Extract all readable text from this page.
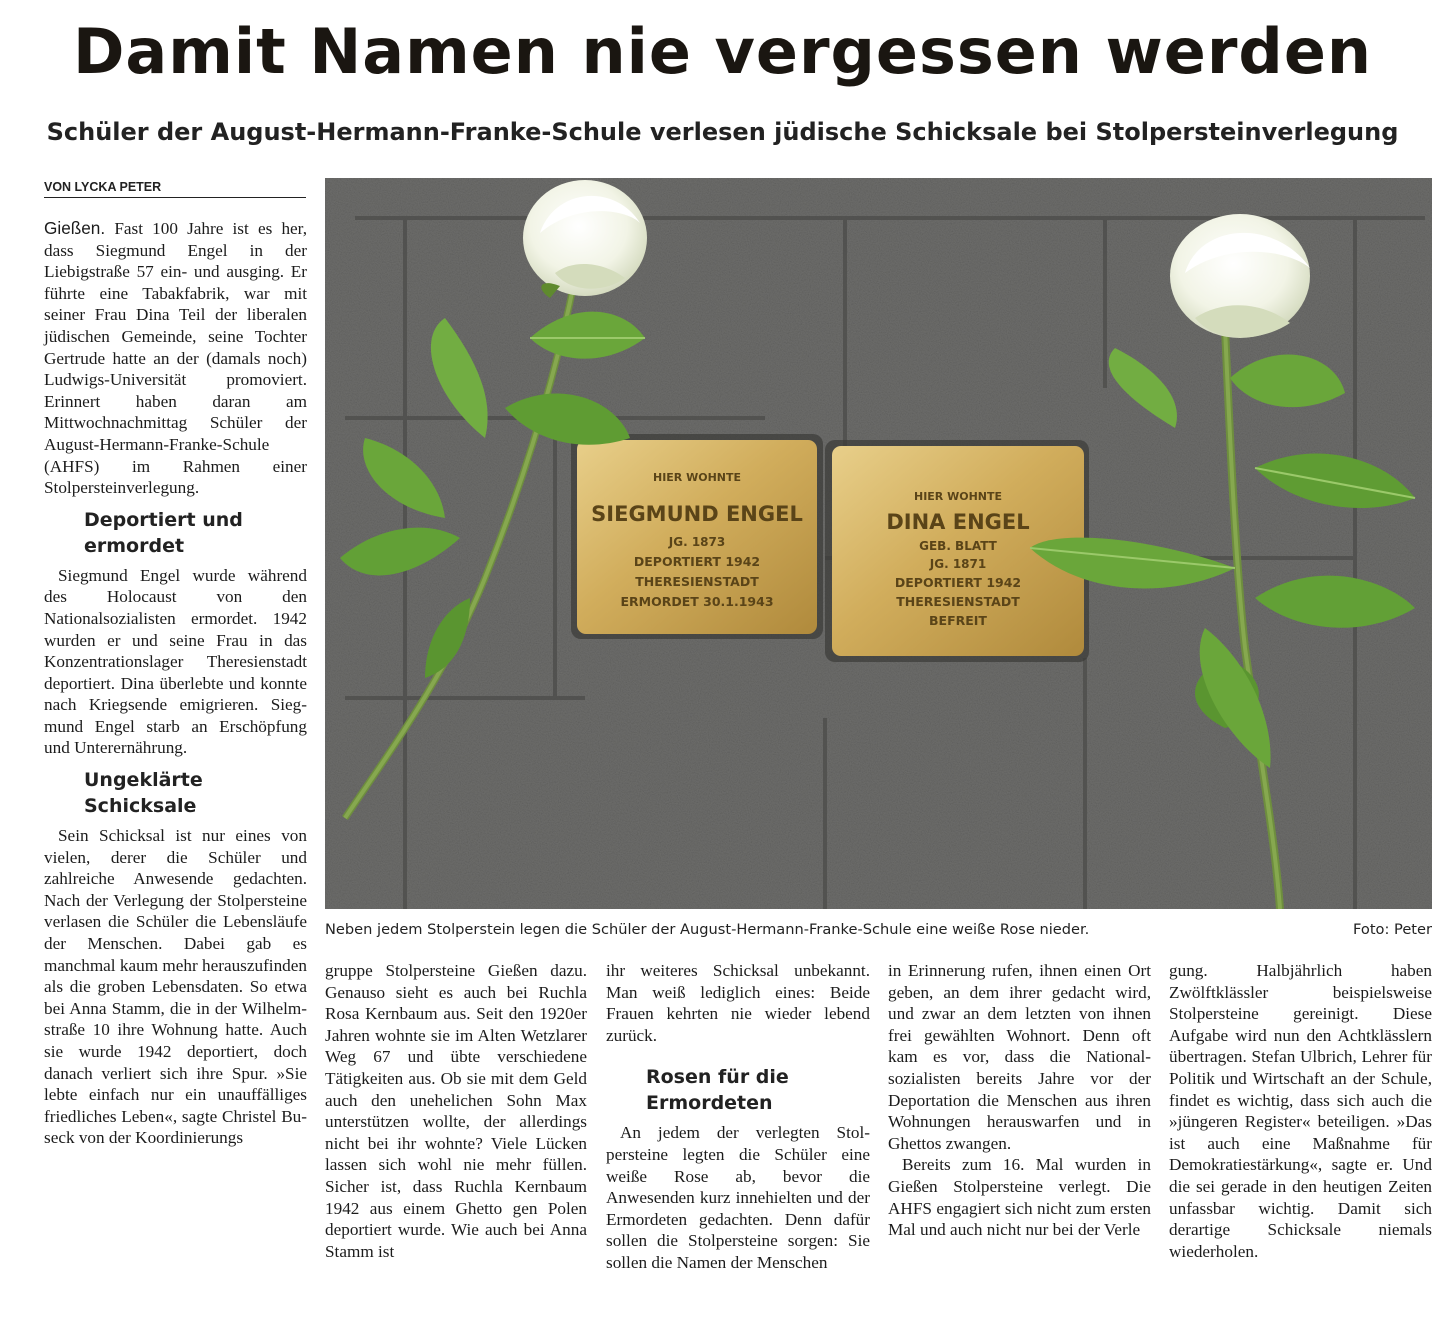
Damit Namen nie vergessen werden
Schüler der August-Hermann-Franke-Schule verlesen jüdische Schicksale bei Stolpersteinverlegung
VON LYCKA PETER

Gießen. Fast 100 Jahre ist es her, dass Siegmund Engel in der Liebigstraße 57 ein- und ausging. Er führte eine Tabakfabrik, war mit seiner Frau Dina Teil der liberalen jüdischen Gemeinde, seine Tochter Gertrude hatte an der (damals noch) Ludwigs-Universität promoviert. Erinnert haben daran am Mittwochnachmittag Schüler der August-Hermann-Franke-Schule (AHFS) im Rahmen einer Stolpersteinverlegung.

Deportiert und ermordet

Siegmund Engel wurde während des Holocaust von den Nationalsozialisten ermordet. 1942 wurden er und seine Frau in das Konzentrationslager Theresienstadt deportiert. Dina überlebte und konnte nach Kriegsende emigrieren. Siegmund Engel starb an Erschöpfung und Unterernährung.

Ungeklärte Schicksale

Sein Schicksal ist nur eines von vielen, derer die Schüler und zahlreiche Anwesende gedachten. Nach der Verlegung der Stolpersteine verlasen die Schüler die Lebensläufe der Menschen. Dabei gab es manchmal kaum mehr herauszufinden als die groben Lebensdaten. So etwa bei Anna Stamm, die in der Wilhelmstraße 10 ihre Wohnung hatte. Auch sie wurde 1942 deportiert, doch danach verliert sich ihre Spur. »Sie lebte einfach nur ein unauffälliges friedliches Leben«, sagte Christel Buseck von der Koordinierungs

gruppe Stolpersteine Gießen dazu. Genauso sieht es auch bei Ruchla Rosa Kernbaum aus. Seit den 1920er Jahren wohnte sie im Alten Wetzlarer Weg 67 und übte verschiedene Tätigkeiten aus. Ob sie mit dem Geld auch den unehelichen Sohn Max unterstützen wollte, der allerdings nicht bei ihr wohnte? Viele Lücken lassen sich wohl nie mehr füllen. Sicher ist, dass Ruchla Kernbaum 1942 aus einem Ghetto gen Polen deportiert wurde. Wie auch bei Anna Stamm ist

ihr weiteres Schicksal unbekannt. Man weiß lediglich eines: Beide Frauen kehrten nie wieder lebend zurück.

Rosen für die Ermordeten

An jedem der verlegten Stolpersteine legten die Schüler eine weiße Rose ab, bevor die Anwesenden kurz innehielten und der Ermordeten gedachten. Denn dafür sollen die Stolpersteine sorgen: Sie sollen die Namen der Menschen

in Erinnerung rufen, ihnen einen Ort geben, an dem ihrer gedacht wird, und zwar an dem letzten von ihnen frei gewählten Wohnort. Denn oft kam es vor, dass die Nationalsozialisten bereits Jahre vor der Deportation die Menschen aus ihren Wohnungen herauswarfen und in Ghettos zwangen.

Bereits zum 16. Mal wurden in Gießen Stolpersteine verlegt. Die AHFS engagiert sich nicht zum ersten Mal und auch nicht nur bei der Verle

gung. Halbjährlich haben Zwölftklässler beispielsweise Stolpersteine gereinigt. Diese Aufgabe wird nun den Achtklässlern übertragen. Stefan Ulbrich, Lehrer für Politik und Wirtschaft an der Schule, findet es wichtig, dass sich auch die »jüngeren Register« beteiligen. »Das ist auch eine Maßnahme für Demokratiestärkung«, sagte er. Und die sei gerade in den heutigen Zeiten unfassbar wichtig. Damit sich derartige Schicksale niemals wiederholen.

HIER WOHNTE
SIEGMUND ENGEL
JG. 1873
DEPORTIERT 1942
THERESIENSTADT
ERMORDET 30.1.1943
HIER WOHNTE
DINA ENGEL
GEB. BLATT
JG. 1871
DEPORTIERT 1942
THERESIENSTADT
BEFREIT
Neben jedem Stolperstein legen die Schüler der August-Hermann-Franke-Schule eine weiße Rose nieder.	Foto: Peter
